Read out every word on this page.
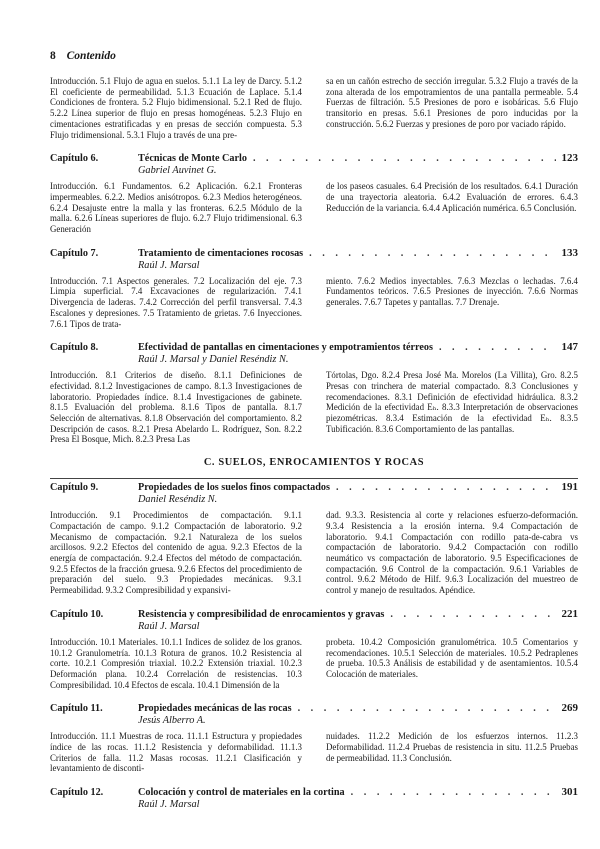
8 Contenido
Introducción. 5.1 Flujo de agua en suelos. 5.1.1 La ley de Darcy. 5.1.2 El coeficiente de permeabilidad. 5.1.3 Ecuación de Laplace. 5.1.4 Condiciones de frontera. 5.2 Flujo bidimensional. 5.2.1 Red de flujo. 5.2.2 Línea superior de flujo en presas homogéneas. 5.2.3 Flujo en cimentaciones estratificadas y en presas de sección compuesta. 5.3 Flujo tridimensional. 5.3.1 Flujo a través de una pre-
sa en un cañón estrecho de sección irregular. 5.3.2 Flujo a través de la zona alterada de los empotramientos de una pantalla permeable. 5.4 Fuerzas de filtración. 5.5 Presiones de poro e isobáricas. 5.6 Flujo transitorio en presas. 5.6.1 Presiones de poro inducidas por la construcción. 5.6.2 Fuerzas y presiones de poro por vaciado rápido.
Capítulo 6.	Técnicas de Monte Carlo . . .	123
Gabriel Auvinet G.
Introducción. 6.1 Fundamentos. 6.2 Aplicación. 6.2.1 Fronteras impermeables. 6.2.2. Medios anisótropos. 6.2.3 Medios heterogéneos. 6.2.4 Desajuste entre la malla y las fronteras. 6.2.5 Módulo de la malla. 6.2.6 Líneas superiores de flujo. 6.2.7 Flujo tridimensional. 6.3 Generación
de los paseos casuales. 6.4 Precisión de los resultados. 6.4.1 Duración de una trayectoria aleatoria. 6.4.2 Evaluación de errores. 6.4.3 Reducción de la variancia. 6.4.4 Aplicación numérica. 6.5 Conclusión.
Capítulo 7.	Tratamiento de cimentaciones rocosas . . .	133
Raúl J. Marsal
Introducción. 7.1 Aspectos generales. 7.2 Localización del eje. 7.3 Limpia superficial. 7.4 Excavaciones de regularización. 7.4.1 Divergencia de laderas. 7.4.2 Corrección del perfil transversal. 7.4.3 Escalones y depresiones. 7.5 Tratamiento de grietas. 7.6 Inyecciones. 7.6.1 Tipos de trata-
miento. 7.6.2 Medios inyectables. 7.6.3 Mezclas o lechadas. 7.6.4 Fundamentos teóricos. 7.6.5 Presiones de inyección. 7.6.6 Normas generales. 7.6.7 Tapetes y pantallas. 7.7 Drenaje.
Capítulo 8.	Efectividad de pantallas en cimentaciones y empotramientos térreos . . .	147
Raúl J. Marsal y Daniel Reséndiz N.
Introducción. 8.1 Criterios de diseño. 8.1.1 Definiciones de efectividad. 8.1.2 Investigaciones de campo. 8.1.3 Investigaciones de laboratorio. Propiedades índice. 8.1.4 Investigaciones de gabinete. 8.1.5 Evaluación del problema. 8.1.6 Tipos de pantalla. 8.1.7 Selección de alternativas. 8.1.8 Observación del comportamiento. 8.2 Descripción de casos. 8.2.1 Presa Abelardo L. Rodríguez, Son. 8.2.2 Presa El Bosque, Mich. 8.2.3 Presa Las
Tórtolas, Dgo. 8.2.4 Presa José Ma. Morelos (La Villita), Gro. 8.2.5 Presas con trinchera de material compactado. 8.3 Conclusiones y recomendaciones. 8.3.1 Definición de efectividad hidráulica. 8.3.2 Medición de la efectividad Eₕ. 8.3.3 Interpretación de observaciones piezométricas. 8.3.4 Estimación de la efectividad Eₕ. 8.3.5 Tubificación. 8.3.6 Comportamiento de las pantallas.
C. SUELOS, ENROCAMIENTOS Y ROCAS
Capítulo 9.	Propiedades de los suelos finos compactados . . .	191
Daniel Reséndiz N.
Introducción. 9.1 Procedimientos de compactación. 9.1.1 Compactación de campo. 9.1.2 Compactación de laboratorio. 9.2 Mecanismo de compactación. 9.2.1 Naturaleza de los suelos arcillosos. 9.2.2 Efectos del contenido de agua. 9.2.3 Efectos de la energía de compactación. 9.2.4 Efectos del método de compactación. 9.2.5 Efectos de la fracción gruesa. 9.2.6 Efectos del procedimiento de preparación del suelo. 9.3 Propiedades mecánicas. 9.3.1 Permeabilidad. 9.3.2 Compresibilidad y expansivi-
dad. 9.3.3. Resistencia al corte y relaciones esfuerzo-deformación. 9.3.4 Resistencia a la erosión interna. 9.4 Compactación de laboratorio. 9.4.1 Compactación con rodillo pata-de-cabra vs compactación de laboratorio. 9.4.2 Compactación con rodillo neumático vs compactación de laboratorio. 9.5 Especificaciones de compactación. 9.6 Control de la compactación. 9.6.1 Variables de control. 9.6.2 Método de Hilf. 9.6.3 Localización del muestreo de control y manejo de resultados. Apéndice.
Capítulo 10.	Resistencia y compresibilidad de enrocamientos y gravas . . .	221
Raúl J. Marsal
Introducción. 10.1 Materiales. 10.1.1 Indices de solidez de los granos. 10.1.2 Granulometría. 10.1.3 Rotura de granos. 10.2 Resistencia al corte. 10.2.1 Compresión triaxial. 10.2.2 Extensión triaxial. 10.2.3 Deformación plana. 10.2.4 Correlación de resistencias. 10.3 Compresibilidad. 10.4 Efectos de escala. 10.4.1 Dimensión de la
probeta. 10.4.2 Composición granulométrica. 10.5 Comentarios y recomendaciones. 10.5.1 Selección de materiales. 10.5.2 Pedraplenes de prueba. 10.5.3 Análisis de estabilidad y de asentamientos. 10.5.4 Colocación de materiales.
Capítulo 11.	Propiedades mecánicas de las rocas . . .	269
Jesús Alberro A.
Introducción. 11.1 Muestras de roca. 11.1.1 Estructura y propiedades índice de las rocas. 11.1.2 Resistencia y deformabilidad. 11.1.3 Criterios de falla. 11.2 Masas rocosas. 11.2.1 Clasificación y levantamiento de disconti-
nuidades. 11.2.2 Medición de los esfuerzos internos. 11.2.3 Deformabilidad. 11.2.4 Pruebas de resistencia in situ. 11.2.5 Pruebas de permeabilidad. 11.3 Conclusión.
Capítulo 12.	Colocación y control de materiales en la cortina . . .	301
Raúl J. Marsal
